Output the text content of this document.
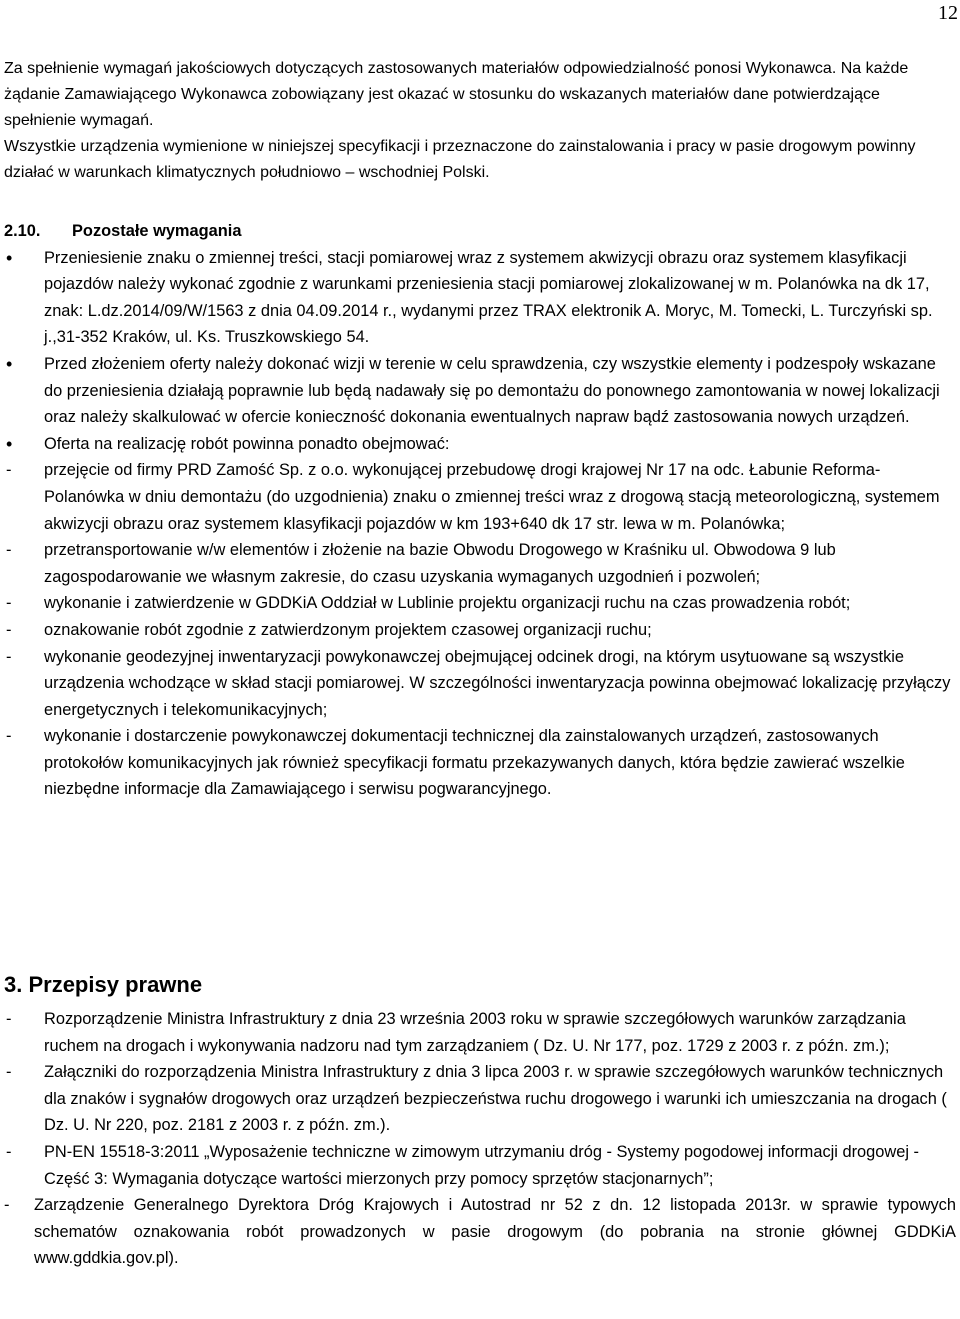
12

Za spełnienie wymagań jakościowych dotyczących zastosowanych materiałów odpowiedzialność ponosi Wykonawca. Na każde żądanie Zamawiającego Wykonawca zobowiązany jest okazać w stosunku do wskazanych materiałów dane potwierdzające spełnienie wymagań.

Wszystkie urządzenia wymienione w niniejszej specyfikacji i przeznaczone do zainstalowania i pracy w pasie drogowym powinny działać w warunkach klimatycznych południowo – wschodniej Polski.

2.10. Pozostałe wymagania

•	Przeniesienie znaku o zmiennej treści, stacji pomiarowej wraz z systemem akwizycji obrazu oraz systemem klasyfikacji pojazdów należy wykonać zgodnie z warunkami przeniesienia stacji pomiarowej zlokalizowanej w m. Polanówka na dk 17, znak: L.dz.2014/09/W/1563 z dnia 04.09.2014 r., wydanymi przez TRAX elektronik A. Moryc, M. Tomecki, L. Turczyński sp. j.,31-352 Kraków, ul. Ks. Truszkowskiego 54.

•	Przed złożeniem oferty należy dokonać wizji w terenie w celu sprawdzenia, czy wszystkie elementy i podzespoły wskazane do przeniesienia działają poprawnie lub będą nadawały się po demontażu do ponownego zamontowania w nowej lokalizacji oraz należy skalkulować w ofercie konieczność dokonania ewentualnych napraw bądź zastosowania nowych urządzeń.

•	Oferta na realizację robót powinna ponadto obejmować:

-	przejęcie od firmy PRD Zamość Sp. z o.o. wykonującej przebudowę drogi krajowej Nr 17 na odc. Łabunie Reforma-Polanówka w dniu demontażu (do uzgodnienia) znaku o zmiennej treści wraz z drogową stacją meteorologiczną, systemem akwizycji obrazu oraz systemem klasyfikacji pojazdów w km 193+640 dk 17 str. lewa w m. Polanówka;

-	przetransportowanie w/w elementów i złożenie na bazie Obwodu Drogowego w Kraśniku ul. Obwodowa 9 lub zagospodarowanie we własnym zakresie, do czasu uzyskania wymaganych uzgodnień i pozwoleń;

-	wykonanie i zatwierdzenie w GDDKiA Oddział w Lublinie projektu organizacji ruchu na czas prowadzenia robót;

-	oznakowanie robót zgodnie z zatwierdzonym projektem czasowej organizacji ruchu;

-	wykonanie geodezyjnej inwentaryzacji powykonawczej obejmującej odcinek drogi, na którym usytuowane są wszystkie urządzenia wchodzące w skład stacji pomiarowej. W szczególności inwentaryzacja powinna obejmować lokalizację przyłączy energetycznych i telekomunikacyjnych;

-	wykonanie i dostarczenie powykonawczej dokumentacji technicznej dla zainstalowanych urządzeń, zastosowanych protokołów komunikacyjnych jak również specyfikacji formatu przekazywanych danych, która będzie zawierać wszelkie niezbędne informacje dla Zamawiającego i serwisu pogwarancyjnego.

3. Przepisy prawne

-	Rozporządzenie Ministra Infrastruktury z dnia 23 września 2003 roku w sprawie szczegółowych warunków zarządzania ruchem na drogach i wykonywania nadzoru nad tym zarządzaniem ( Dz. U. Nr 177, poz. 1729 z 2003 r. z późn. zm.);

-	Załączniki do rozporządzenia Ministra Infrastruktury z dnia 3 lipca 2003 r. w sprawie szczegółowych warunków technicznych dla znaków i sygnałów drogowych oraz urządzeń bezpieczeństwa ruchu drogowego i warunki ich umieszczania na drogach ( Dz. U. Nr 220, poz. 2181 z 2003 r. z późn. zm.).

-	PN-EN 15518-3:2011 „Wyposażenie techniczne w zimowym utrzymaniu dróg - Systemy pogodowej informacji drogowej - Część 3: Wymagania dotyczące wartości mierzonych przy pomocy sprzętów stacjonarnych”;

-	Zarządzenie Generalnego Dyrektora Dróg Krajowych i Autostrad nr 52 z dn. 12 listopada 2013r. w sprawie typowych schematów oznakowania robót prowadzonych w pasie drogowym (do pobrania na stronie głównej GDDKiA www.gddkia.gov.pl).
